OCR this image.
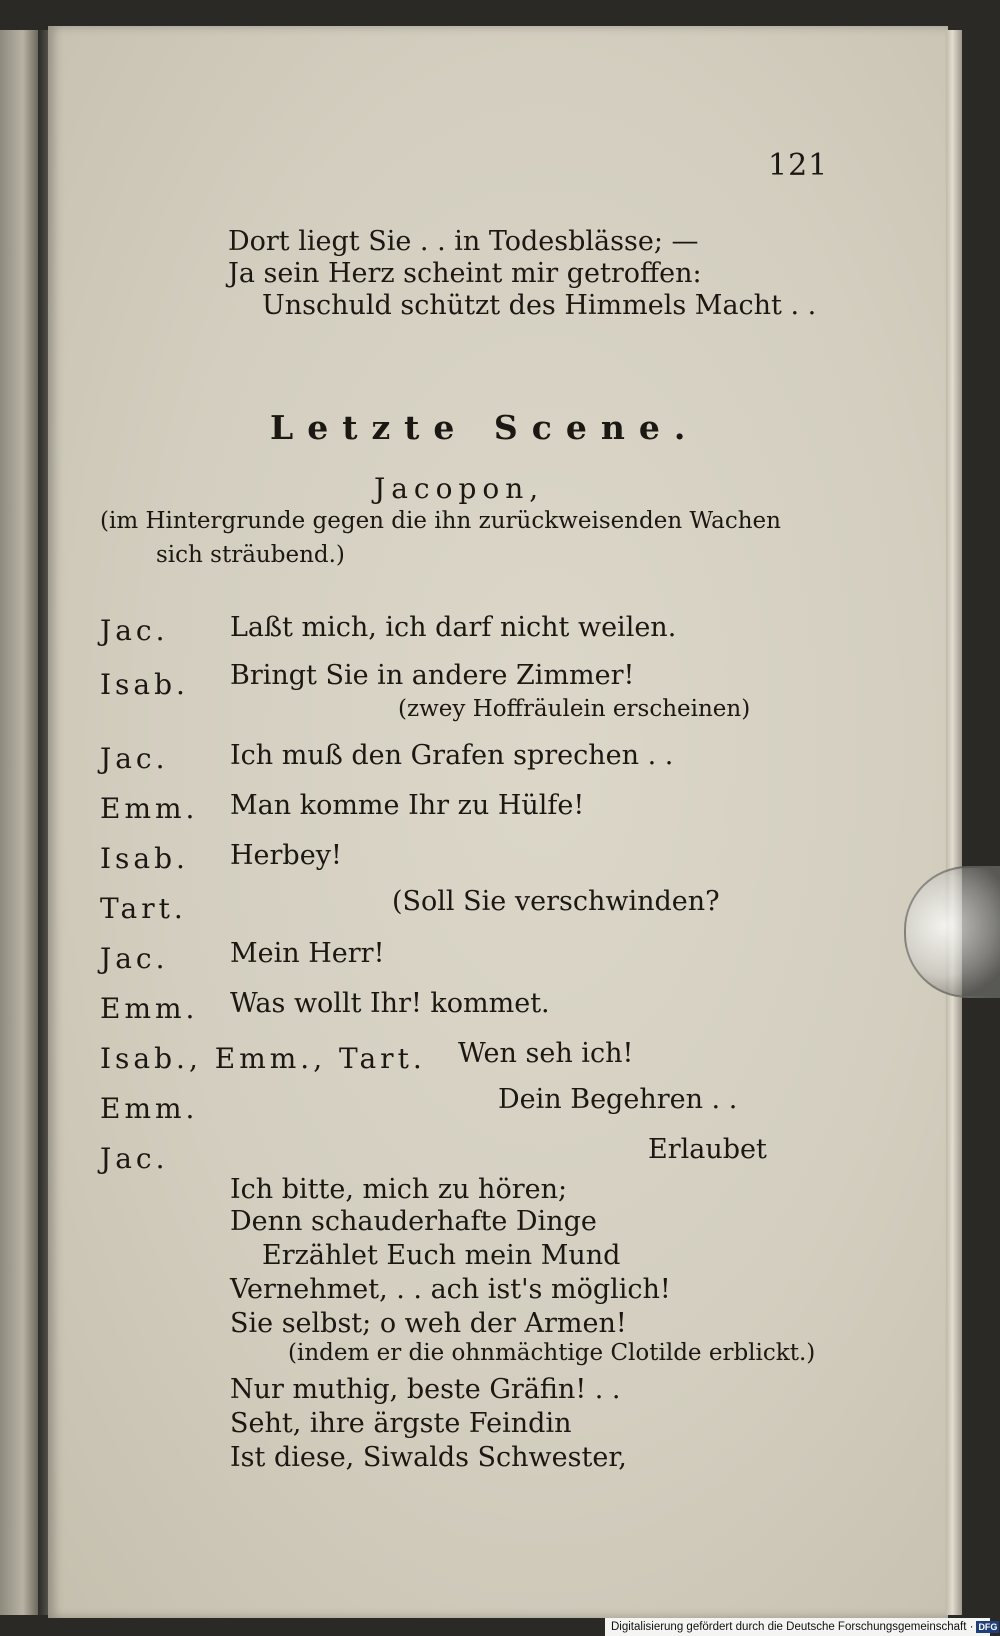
121
Dort liegt Sie . . in Todesblässe; —
Ja sein Herz scheint mir getroffen:
Unschuld schützt des Himmels Macht . .
Letzte Scene.
Jacopon,
(im Hintergrunde gegen die ihn zurückweisenden Wachen
sich sträubend.)
Jac. Laßt mich, ich darf nicht weilen.
Isab. Bringt Sie in andere Zimmer!
(zwey Hoffräulein erscheinen)
Jac. Ich muß den Grafen sprechen . .
Emm. Man komme Ihr zu Hülfe!
Isab. Herbey!
Tart.	(Soll Sie verschwinden?
Jac. Mein Herr!
Emm. Was wollt Ihr! kommet.
Isab., Emm., Tart. Wen seh ich!
Emm.	Dein Begehren . .
Jac.	Erlaubet
Ich bitte, mich zu hören;
Denn schauderhafte Dinge
Erzählet Euch mein Mund
Vernehmet, . . ach ist's möglich!
Sie selbst; o weh der Armen!
(indem er die ohnmächtige Clotilde erblickt.)
Nur muthig, beste Gräfin! . .
Seht, ihre ärgste Feindin
Ist diese, Siwalds Schwester,
Digitalisierung gefördert durch die Deutsche Forschungsgemeinschaft · DFG
